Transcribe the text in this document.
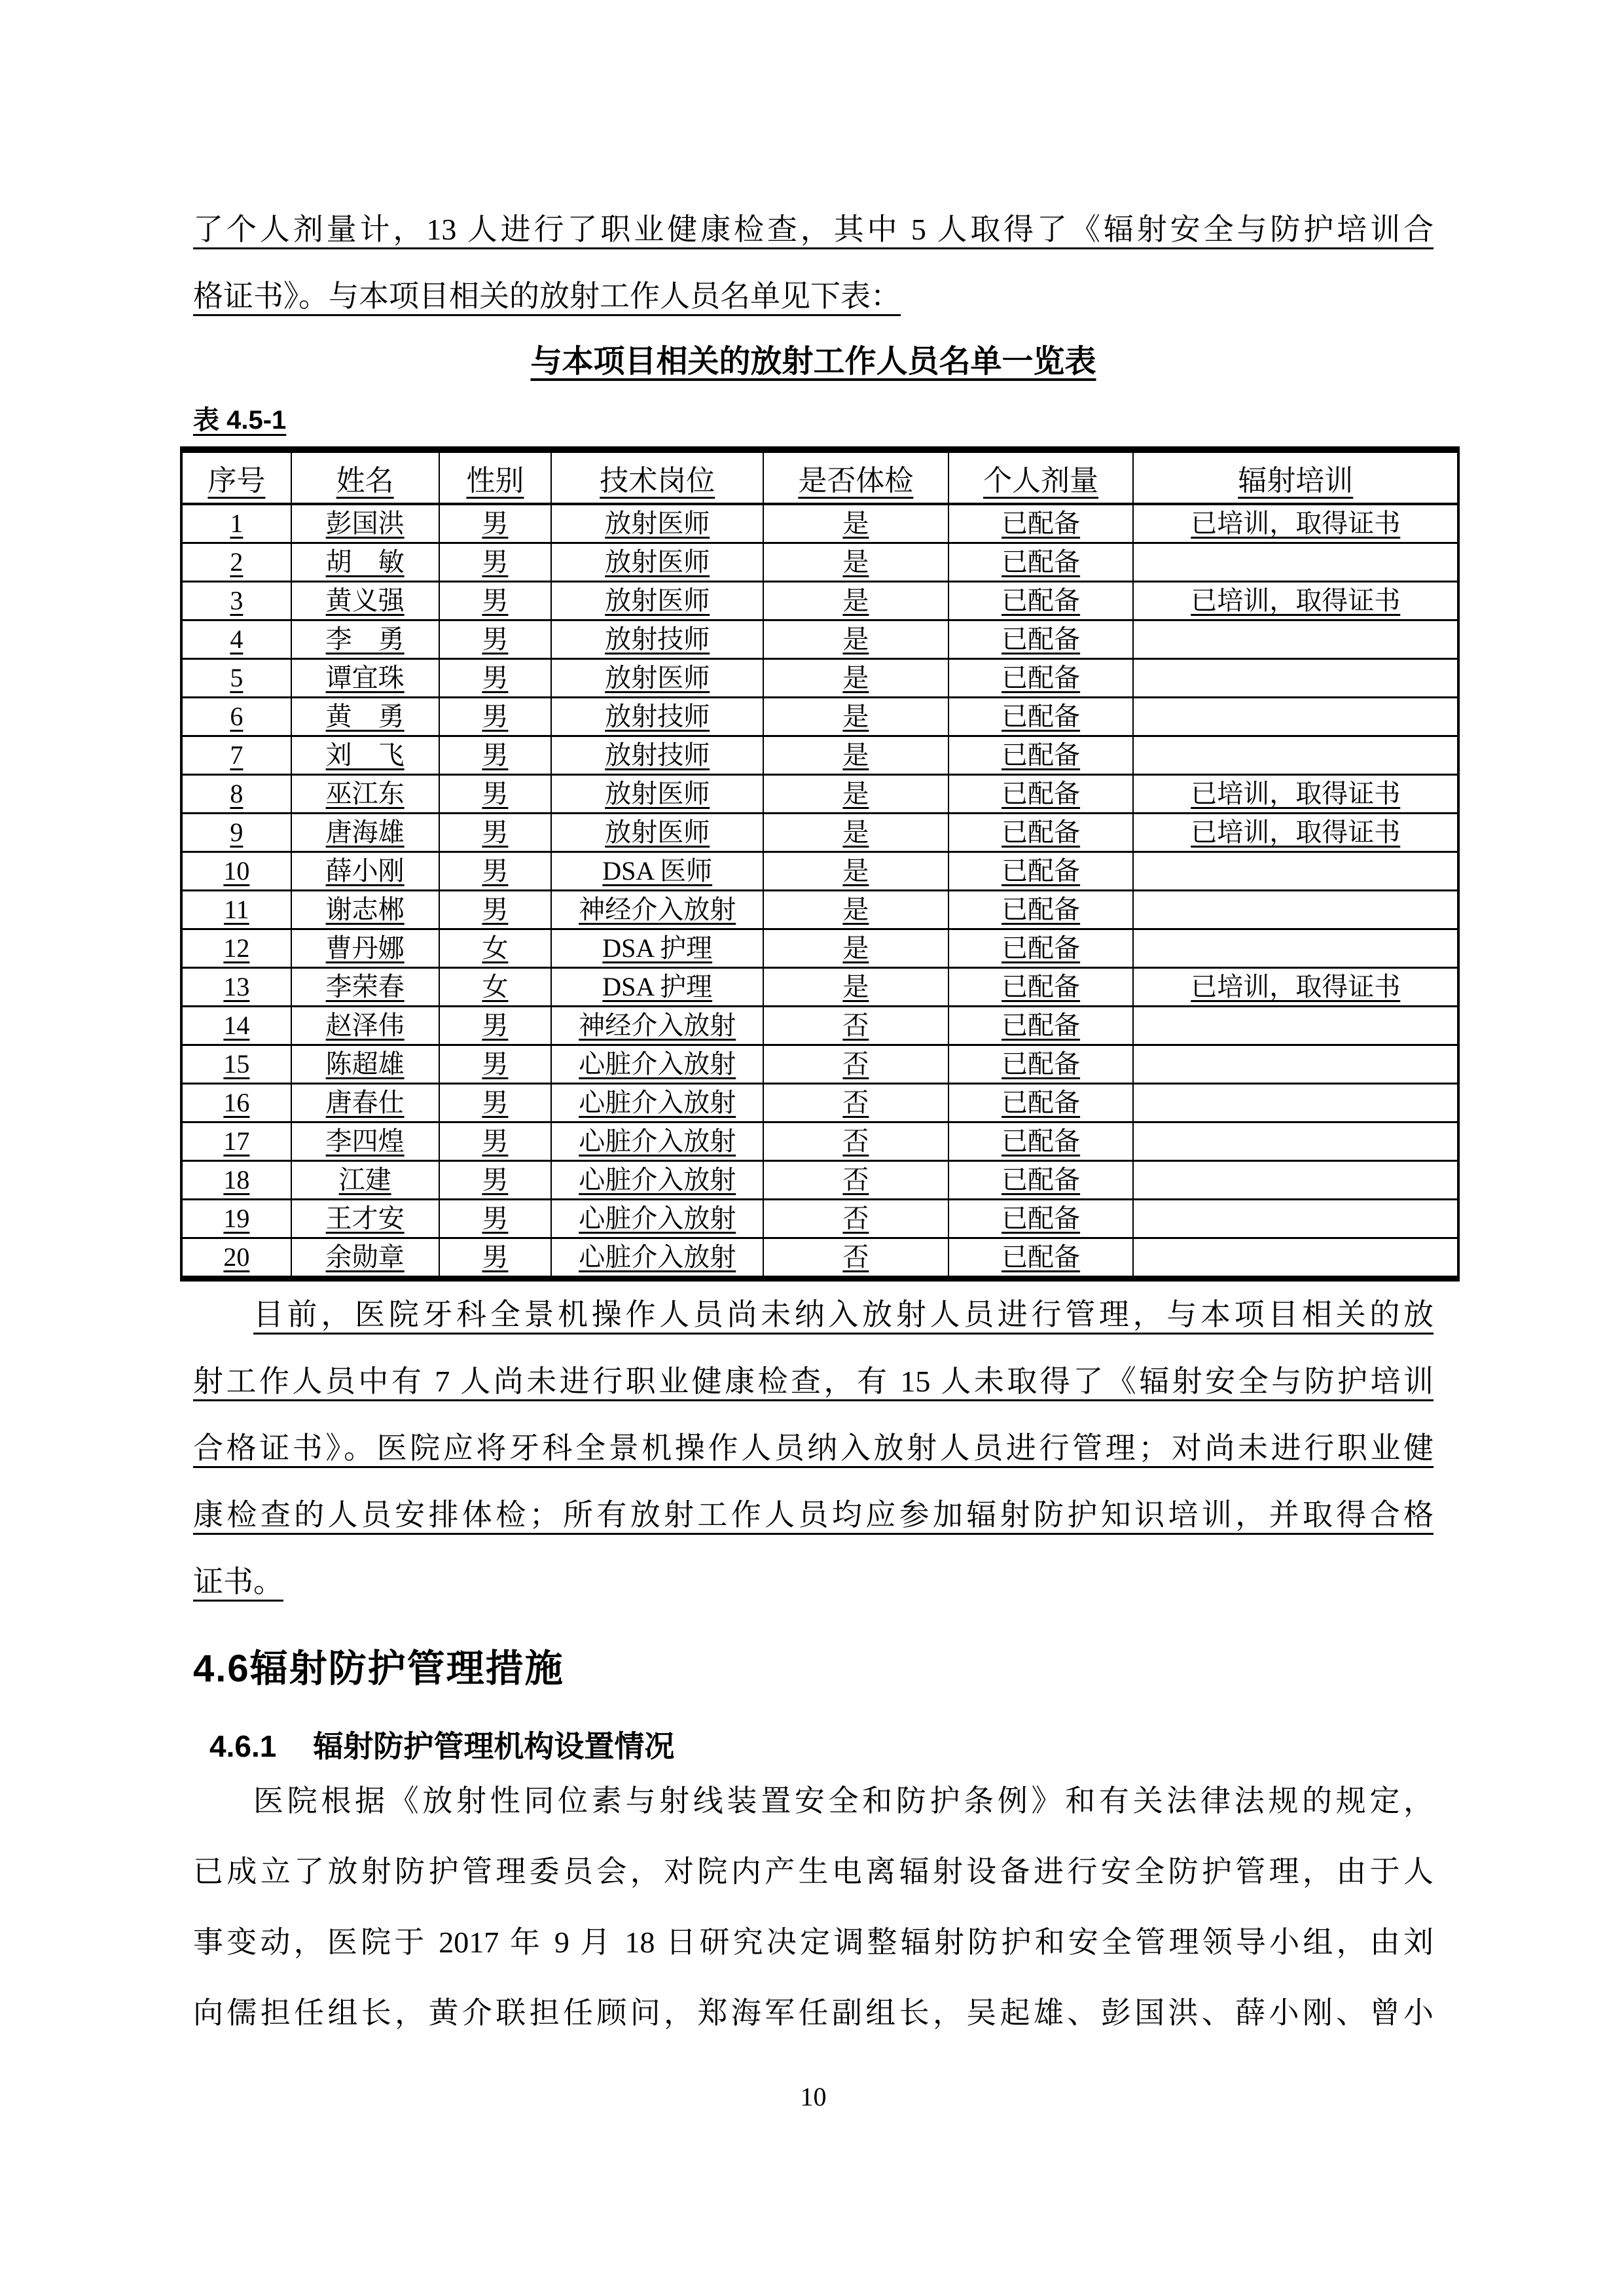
了个人剂量计，13 人进行了职业健康检查，其中 5 人取得了《辐射安全与防护培训合
格证书》。与本项目相关的放射工作人员名单见下表：
与本项目相关的放射工作人员名单一览表
表 4.5-1
序号	姓名	性别	技术岗位	是否体检	个人剂量	辐射培训
1	彭国洪	男	放射医师	是	已配备	已培训，取得证书
2	胡　敏	男	放射医师	是	已配备	
3	黄义强	男	放射医师	是	已配备	已培训，取得证书
4	李　勇	男	放射技师	是	已配备	
5	谭宜珠	男	放射医师	是	已配备	
6	黄　勇	男	放射技师	是	已配备	
7	刘　飞	男	放射技师	是	已配备	
8	巫江东	男	放射医师	是	已配备	已培训，取得证书
9	唐海雄	男	放射医师	是	已配备	已培训，取得证书
10	薛小刚	男	DSA 医师	是	已配备	
11	谢志郴	男	神经介入放射	是	已配备	
12	曹丹娜	女	DSA 护理	是	已配备	
13	李荣春	女	DSA 护理	是	已配备	已培训，取得证书
14	赵泽伟	男	神经介入放射	否	已配备	
15	陈超雄	男	心脏介入放射	否	已配备	
16	唐春仕	男	心脏介入放射	否	已配备	
17	李四煌	男	心脏介入放射	否	已配备	
18	江建	男	心脏介入放射	否	已配备	
19	王才安	男	心脏介入放射	否	已配备	
20	余勋章	男	心脏介入放射	否	已配备	
目前，医院牙科全景机操作人员尚未纳入放射人员进行管理，与本项目相关的放
射工作人员中有 7 人尚未进行职业健康检查，有 15 人未取得了《辐射安全与防护培训
合格证书》。医院应将牙科全景机操作人员纳入放射人员进行管理；对尚未进行职业健
康检查的人员安排体检；所有放射工作人员均应参加辐射防护知识培训，并取得合格
证书。
4.6辐射防护管理措施
4.6.1 辐射防护管理机构设置情况
医院根据《放射性同位素与射线装置安全和防护条例》和有关法律法规的规定，
已成立了放射防护管理委员会，对院内产生电离辐射设备进行安全防护管理，由于人
事变动，医院于 2017 年 9 月 18 日研究决定调整辐射防护和安全管理领导小组，由刘
向儒担任组长，黄介联担任顾问，郑海军任副组长，吴起雄、彭国洪、薛小刚、曾小
10
